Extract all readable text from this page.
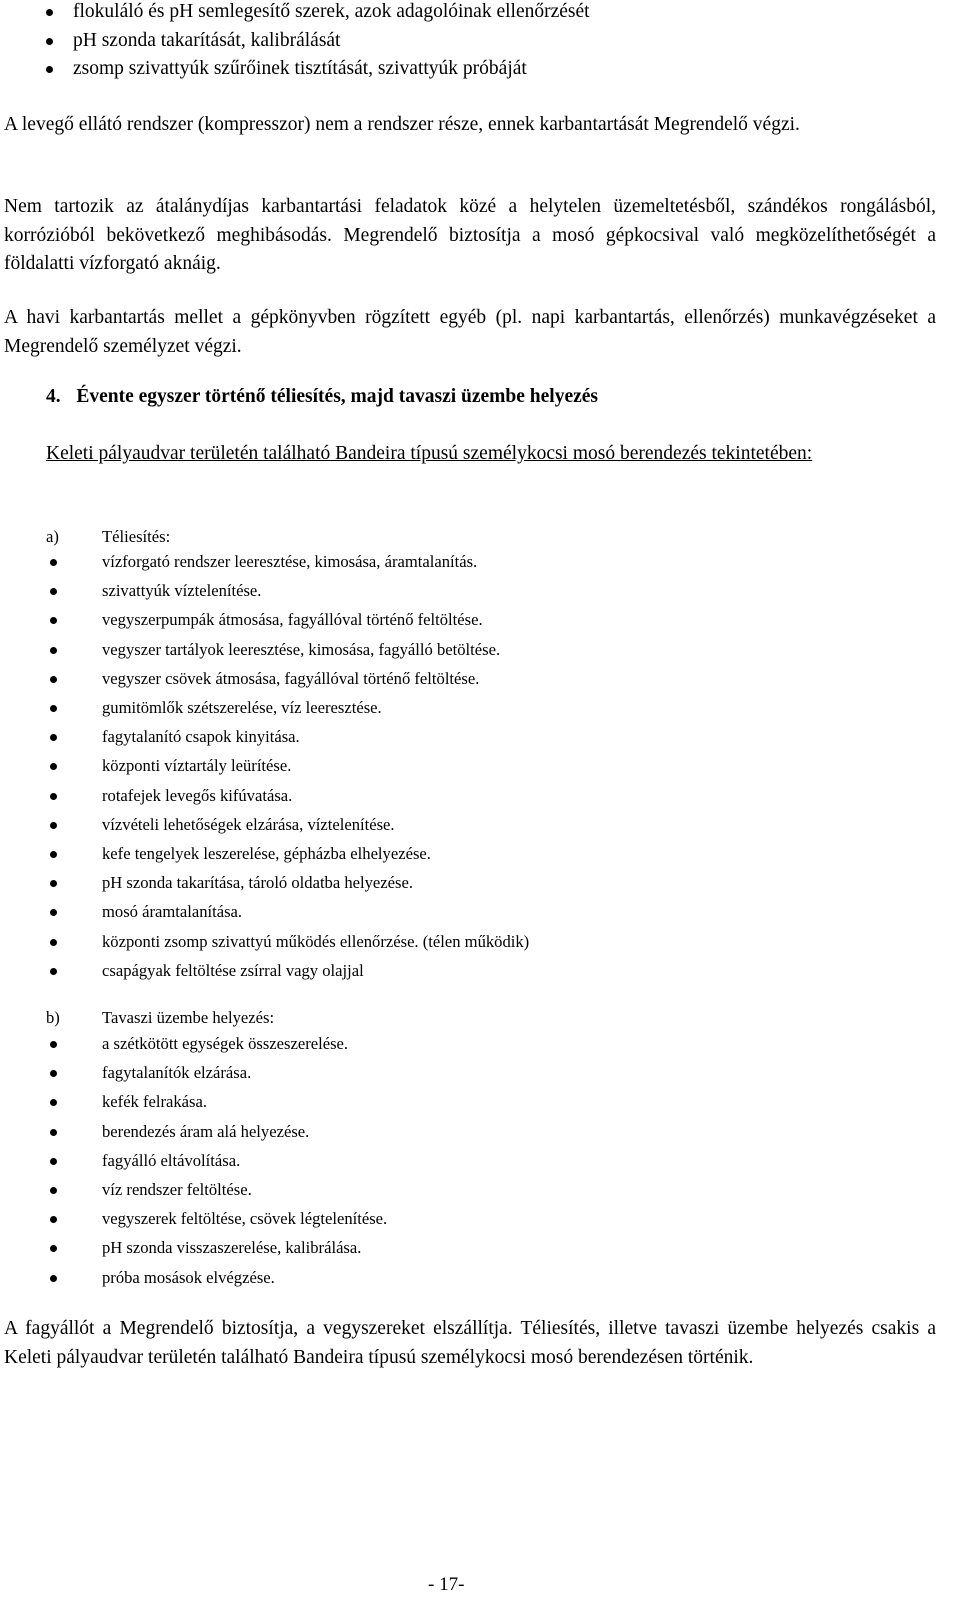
flokuláló és pH semlegesítő szerek, azok adagolóinak ellenőrzését
pH szonda takarítását, kalibrálását
zsomp szivattyúk szűrőinek tisztítását, szivattyúk próbáját

A levegő ellátó rendszer (kompresszor) nem a rendszer része, ennek karbantartását Megrendelő végzi.

Nem tartozik az átalánydíjas karbantartási feladatok közé a helytelen üzemeltetésből, szándékos rongálásból, korrózióból bekövetkező meghibásodás. Megrendelő biztosítja a mosó gépkocsival való megközelíthetőségét a földalatti vízforgató aknáig.

A havi karbantartás mellet a gépkönyvben rögzített egyéb (pl. napi karbantartás, ellenőrzés) munkavégzéseket a Megrendelő személyzet végzi.

4. Évente egyszer történő téliesítés, majd tavaszi üzembe helyezés

Keleti pályaudvar területén található Bandeira típusú személykocsi mosó berendezés tekintetében:

a)	Téliesítés:
vízforgató rendszer leeresztése, kimosása, áramtalanítás.
szivattyúk víztelenítése.
vegyszerpumpák átmosása, fagyállóval történő feltöltése.
vegyszer tartályok leeresztése, kimosása, fagyálló betöltése.
vegyszer csövek átmosása, fagyállóval történő feltöltése.
gumitömlők szétszerelése, víz leeresztése.
fagytalanító csapok kinyitása.
központi víztartály leürítése.
rotafejek levegős kifúvatása.
vízvételi lehetőségek elzárása, víztelenítése.
kefe tengelyek leszerelése, gépházba elhelyezése.
pH szonda takarítása, tároló oldatba helyezése.
mosó áramtalanítása.
központi zsomp szivattyú működés ellenőrzése. (télen működik)
csapágyak feltöltése zsírral vagy olajjal
b)	Tavaszi üzembe helyezés:
a szétkötött egységek összeszerelése.
fagytalanítók elzárása.
kefék felrakása.
berendezés áram alá helyezése.
fagyálló eltávolítása.
víz rendszer feltöltése.
vegyszerek feltöltése, csövek légtelenítése.
pH szonda visszaszerelése, kalibrálása.
próba mosások elvégzése.

A fagyállót a Megrendelő biztosítja, a vegyszereket elszállítja. Téliesítés, illetve tavaszi üzembe helyezés csakis a Keleti pályaudvar területén található Bandeira típusú személykocsi mosó berendezésen történik.

- 17-
